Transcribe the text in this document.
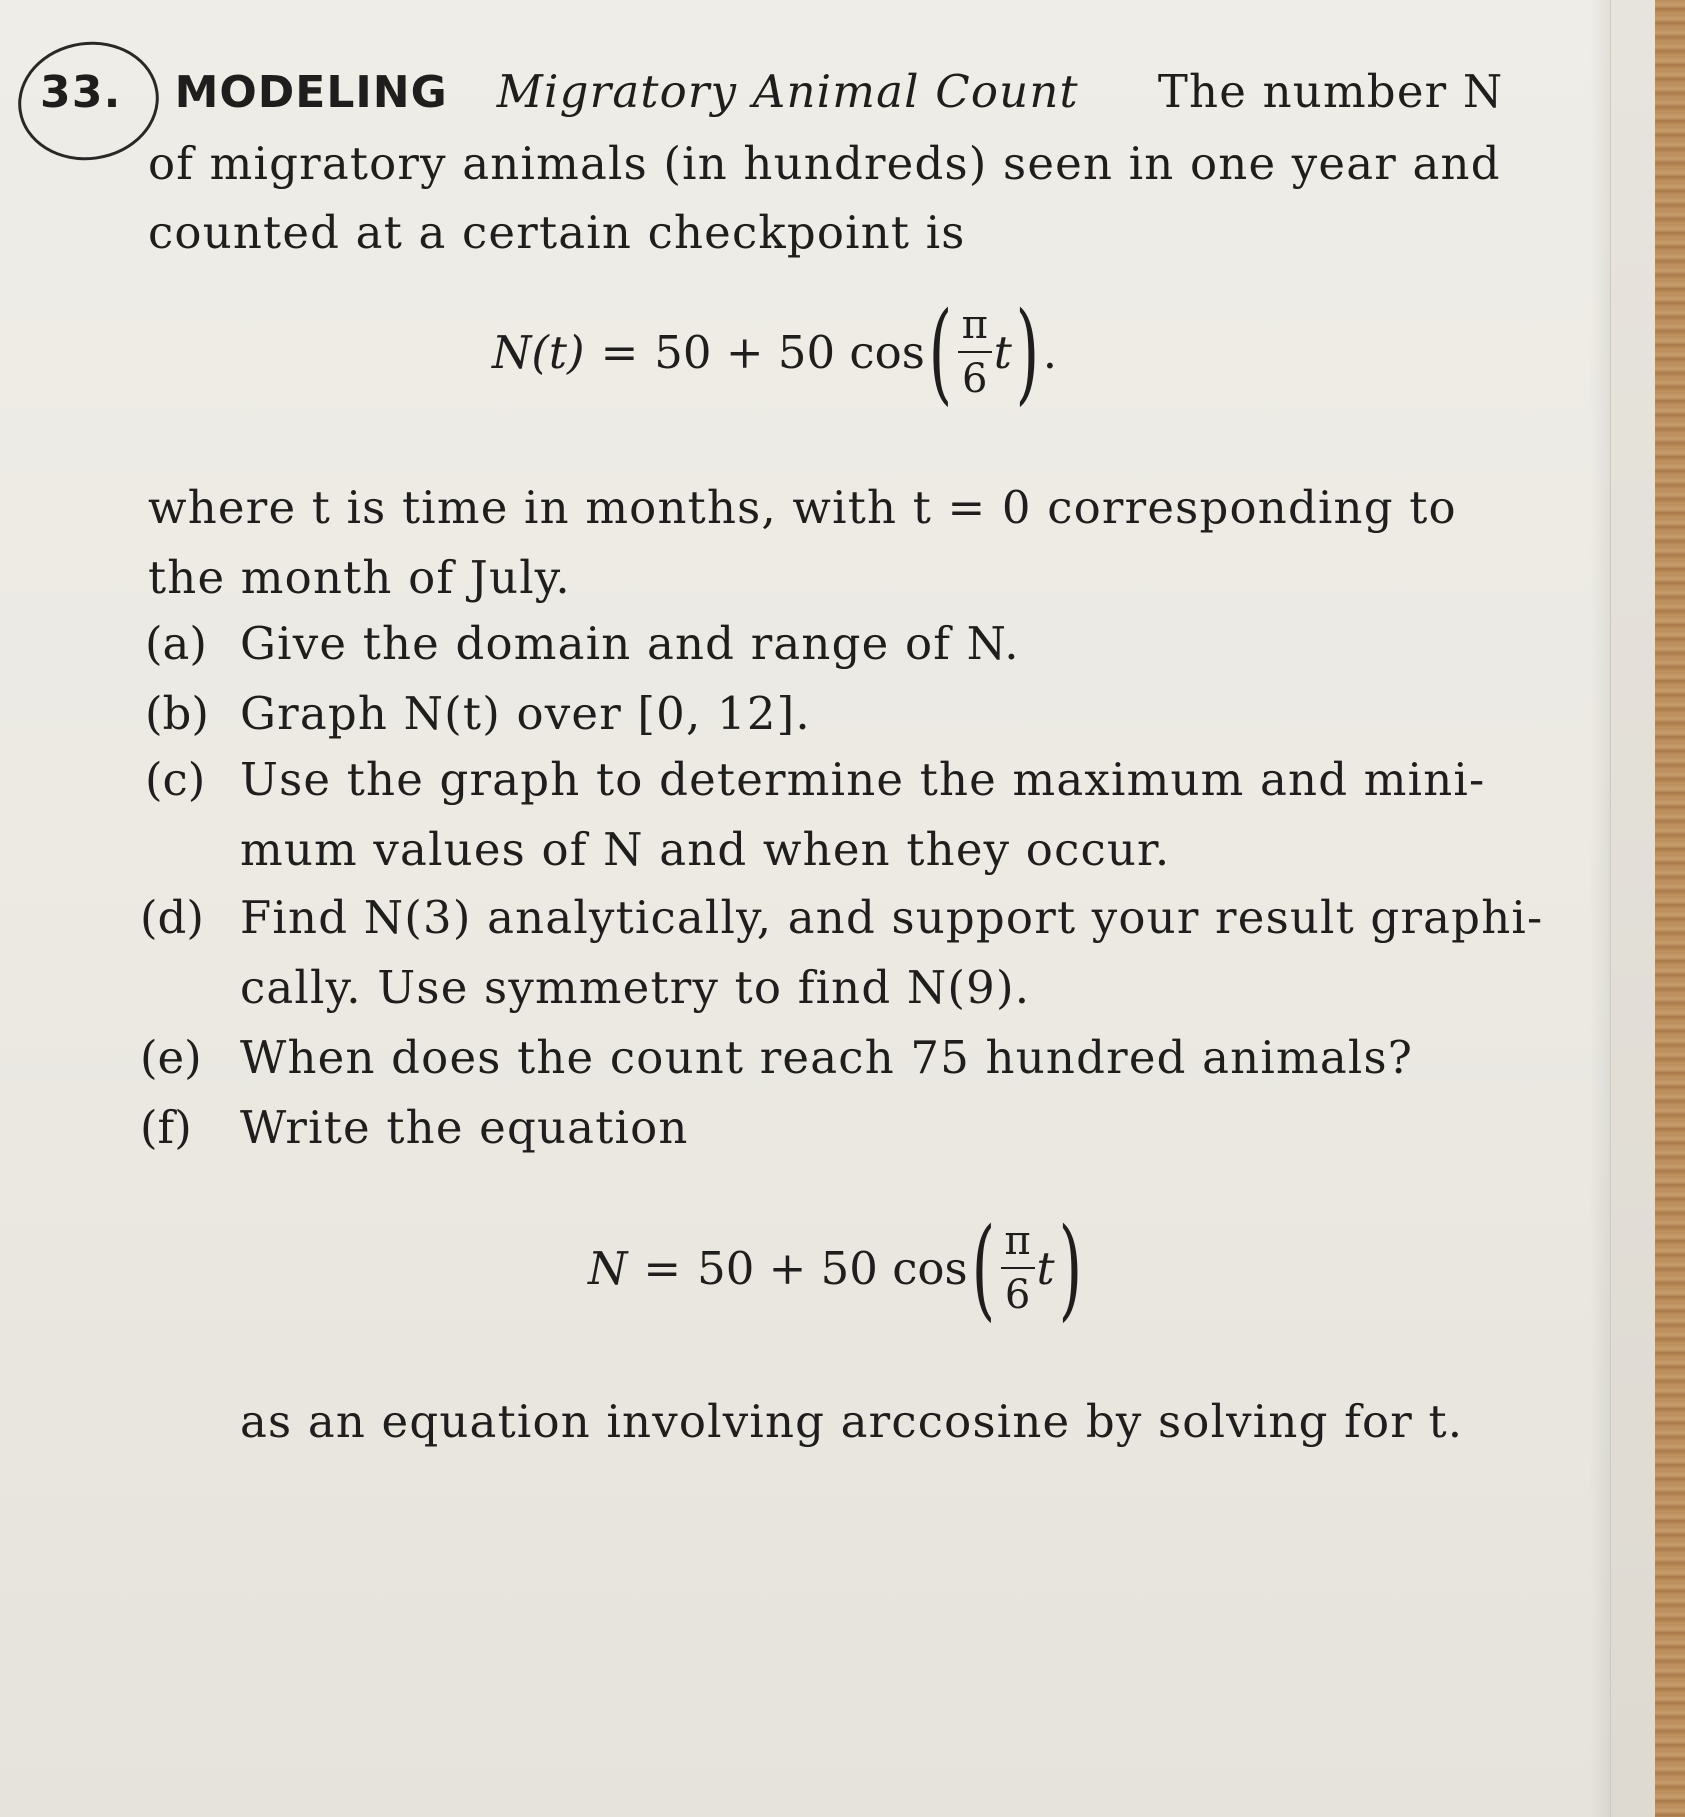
33. MODELING Migratory Animal Count The number N
of migratory animals (in hundreds) seen in one year and
counted at a certain checkpoint is
N(t) = 50 + 50 cos ( $\frac{\pi}{6}$ t ) .
where t is time in months, with t = 0 corresponding to
the month of July.
(a) Give the domain and range of N.
(b) Graph N(t) over [0, 12].
(c) Use the graph to determine the maximum and mini-
mum values of N and when they occur.
(d) Find N(3) analytically, and support your result graphi-
cally. Use symmetry to find N(9).
(e) When does the count reach 75 hundred animals?
(f) Write the equation
N = 50 + 50 cos ( $\frac{\pi}{6}$ t )
as an equation involving arccosine by solving for t.
